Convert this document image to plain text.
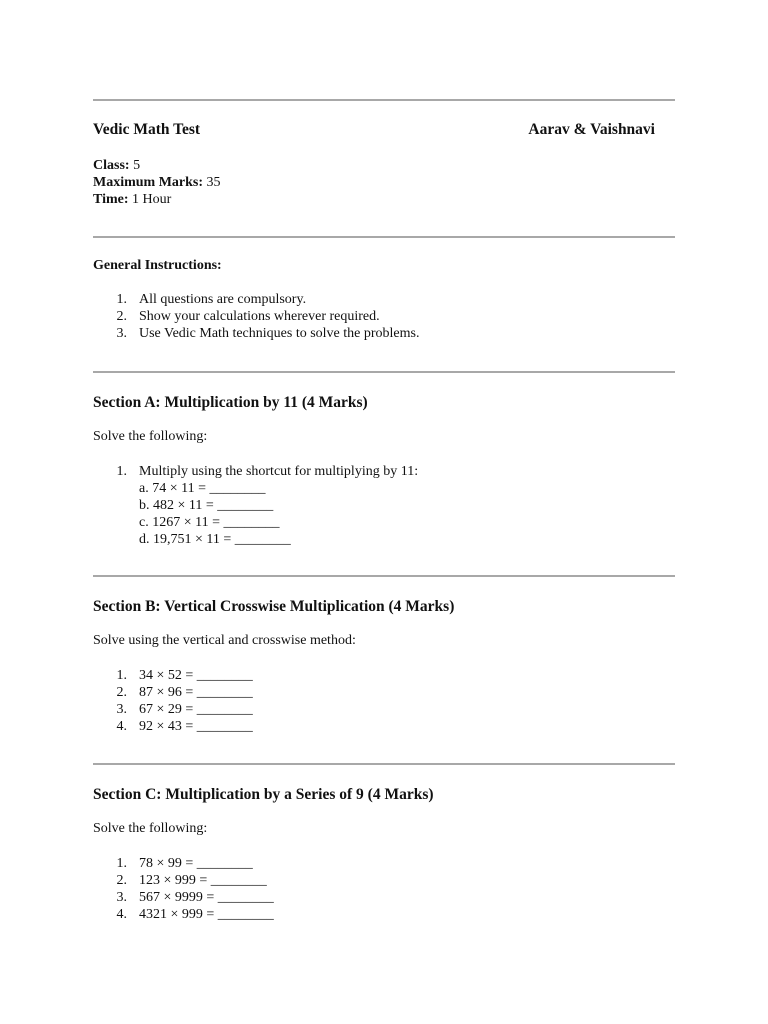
Vedic Math Test	Aarav & Vaishnavi
Class: 5
Maximum Marks: 35
Time: 1 Hour
General Instructions:
1. All questions are compulsory.
2. Show your calculations wherever required.
3. Use Vedic Math techniques to solve the problems.
Section A: Multiplication by 11 (4 Marks)
Solve the following:
1. Multiply using the shortcut for multiplying by 11:
a. 74 × 11 = ________
b. 482 × 11 = ________
c. 1267 × 11 = ________
d. 19,751 × 11 = ________
Section B: Vertical Crosswise Multiplication (4 Marks)
Solve using the vertical and crosswise method:
1. 34 × 52 = ________
2. 87 × 96 = ________
3. 67 × 29 = ________
4. 92 × 43 = ________
Section C: Multiplication by a Series of 9 (4 Marks)
Solve the following:
1. 78 × 99 = ________
2. 123 × 999 = ________
3. 567 × 9999 = ________
4. 4321 × 999 = ________
